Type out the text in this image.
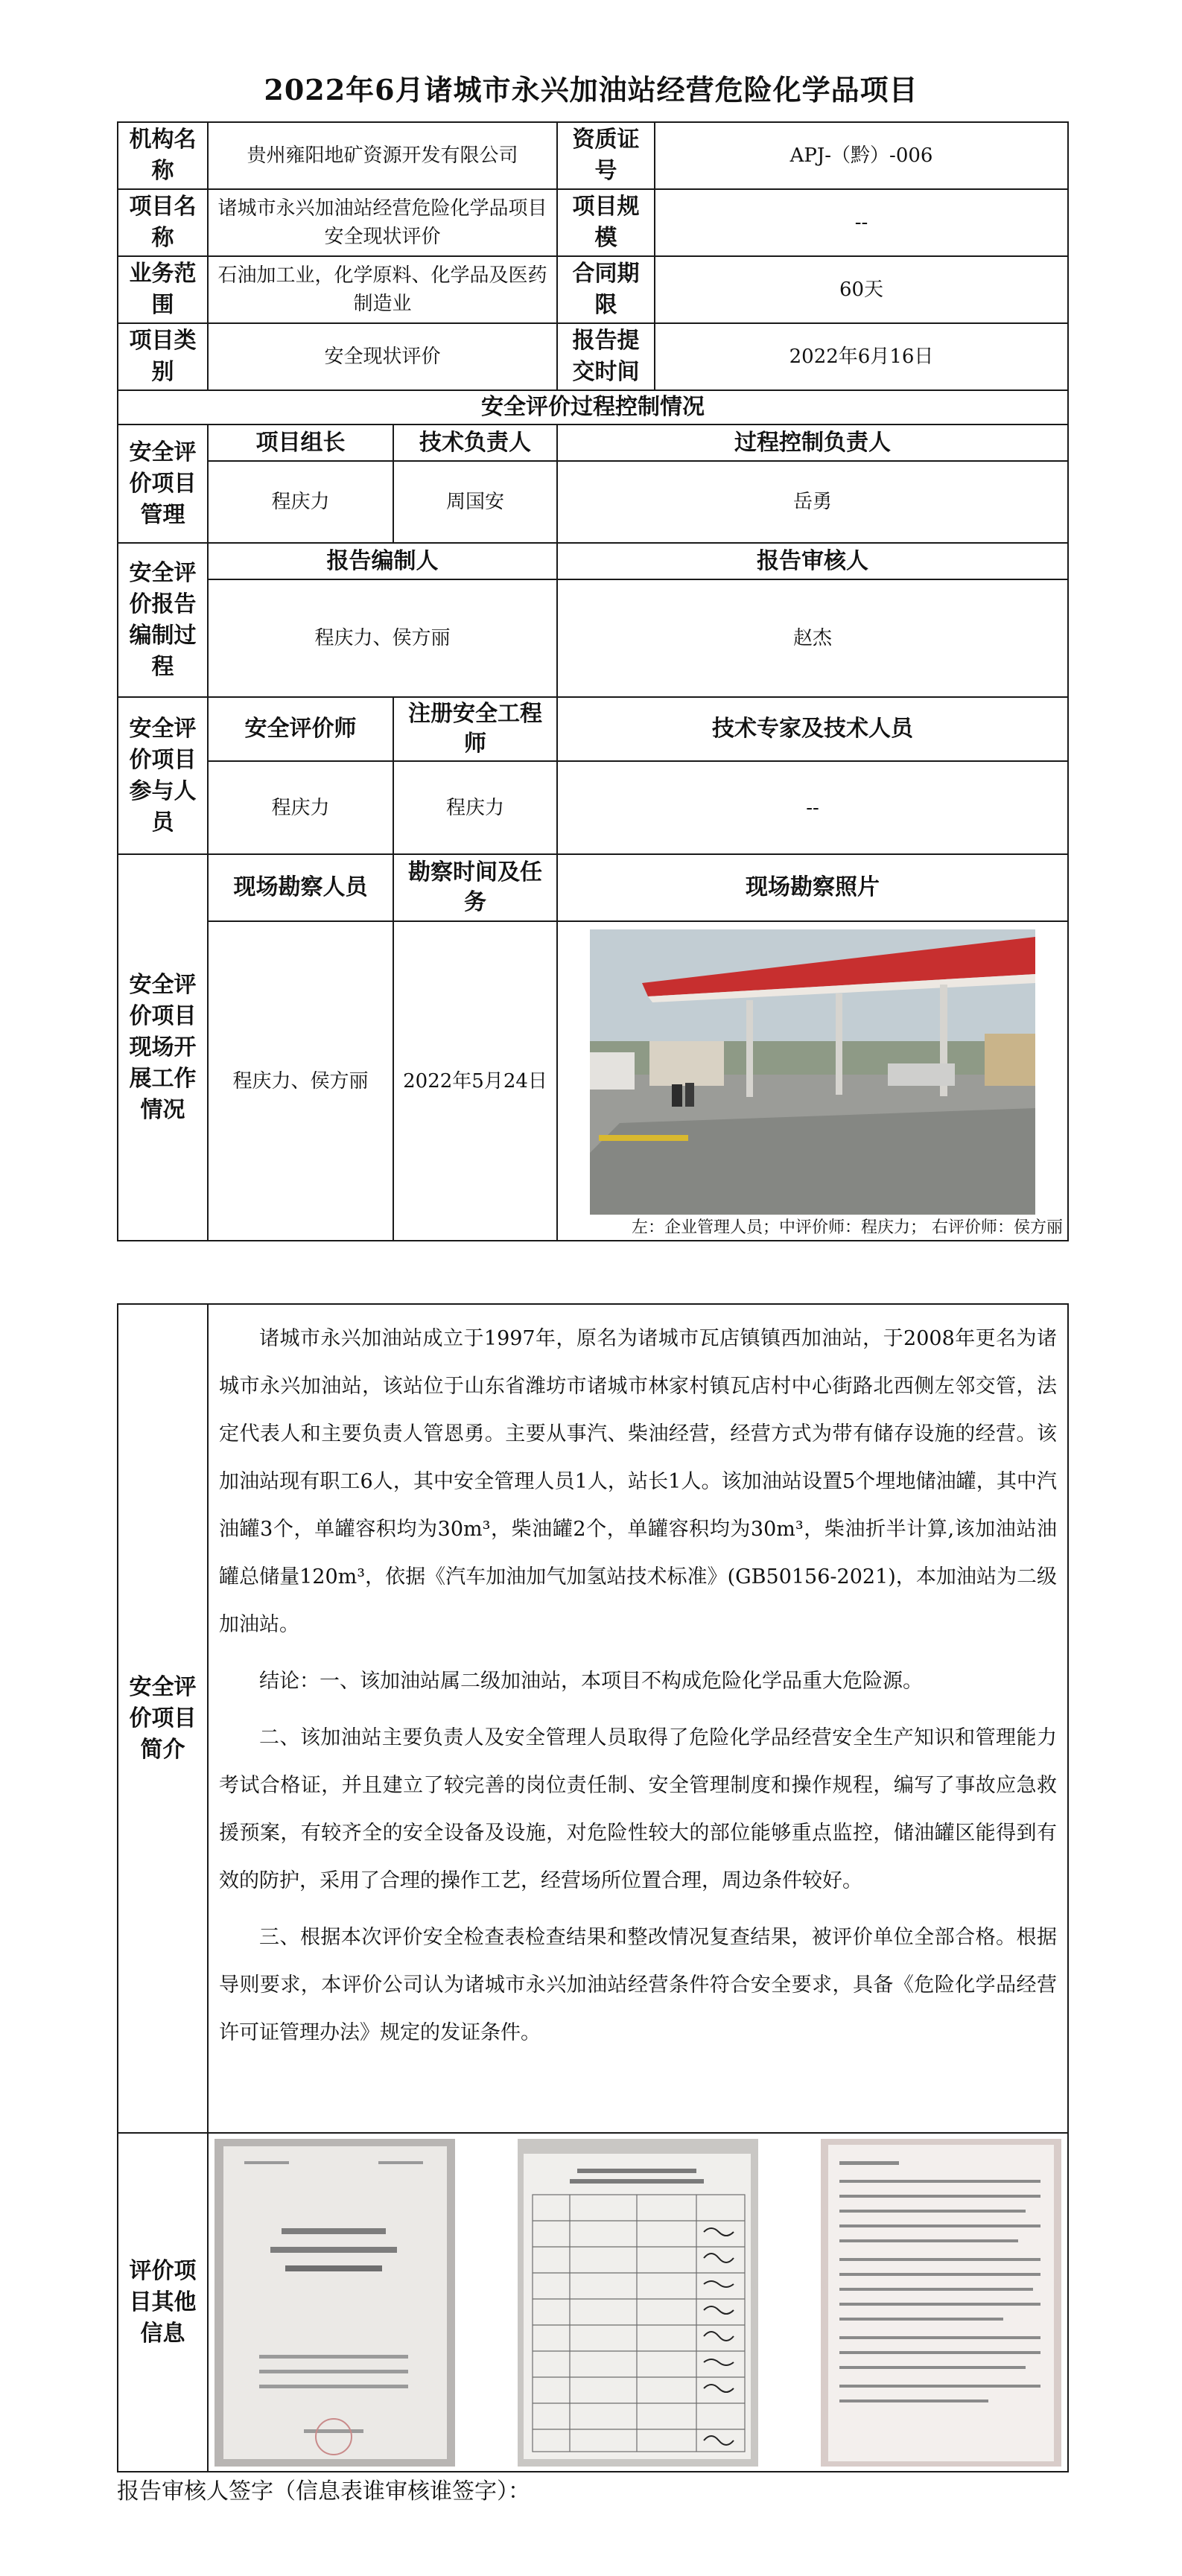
2022年6月诸城市永兴加油站经营危险化学品项目
机构名称	贵州雍阳地矿资源开发有限公司		资质证号	APJ-（黔）-006
项目名称	诸城市永兴加油站经营危险化学品项目安全现状评价		项目规模	--
业务范围	石油加工业，化学原料、化学品及医药制造业		合同期限	60天
项目类别	安全现状评价		报告提交时间	2022年6月16日
安全评价过程控制情况				
安全评价项目管理	项目组长	技术负责人	过程控制负责人	
	程庆力	周国安	岳勇	
安全评价报告编制过程	报告编制人		报告审核人	
	程庆力、侯方丽		赵杰	
安全评价项目参与人员	安全评价师	注册安全工程师	技术专家及技术人员	
	程庆力	程庆力	--	
安全评价项目现场开展工作情况	现场勘察人员	勘察时间及任务	现场勘察照片	
	程庆力、侯方丽	2022年5月24日	左：企业管理人员；中评价师：程庆力； 右评价师：侯方丽	
安全评价项目简介	诸城市永兴加油站成立于1997年，原名为诸城市瓦店镇镇西加油站，于2008年更名为诸城市永兴加油站，该站位于山东省潍坊市诸城市林家村镇瓦店村中心街路北西侧左邻交管，法定代表人和主要负责人管恩勇。主要从事汽、柴油经营，经营方式为带有储存设施的经营。该加油站现有职工6人，其中安全管理人员1人，站长1人。该加油站设置5个埋地储油罐，其中汽油罐3个，单罐容积均为30m³，柴油罐2个，单罐容积均为30m³，柴油折半计算,该加油站油罐总储量120m³，依据《汽车加油加气加氢站技术标准》(GB50156-2021)，本加油站为二级加油站。

结论：一、该加油站属二级加油站，本项目不构成危险化学品重大危险源。

二、该加油站主要负责人及安全管理人员取得了危险化学品经营安全生产知识和管理能力考试合格证，并且建立了较完善的岗位责任制、安全管理制度和操作规程，编写了事故应急救援预案，有较齐全的安全设备及设施，对危险性较大的部位能够重点监控，储油罐区能得到有效的防护，采用了合理的操作工艺，经营场所位置合理，周边条件较好。

三、根据本次评价安全检查表检查结果和整改情况复查结果，被评价单位全部合格。根据导则要求，本评价公司认为诸城市永兴加油站经营条件符合安全要求，具备《危险化学品经营许可证管理办法》规定的发证条件。

评价项目其他信息	
报告审核人签字（信息表谁审核谁签字）：
